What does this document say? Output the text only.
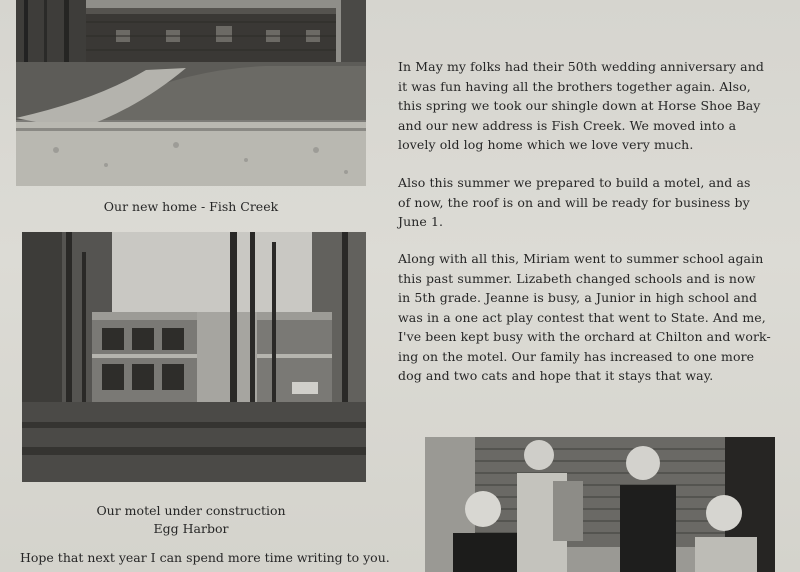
Our new home - Fish Creek
Our motel under construction
Egg Harbor
Hope that next year I can spend more time writing to you.

In May my folks had their 50th wedding anniversary and

it was fun having all the brothers together again. Also,

this spring we took our shingle down at Horse Shoe Bay

and our new address is Fish Creek. We moved into a

lovely old log home which we love very much.

Also this summer we prepared to build a motel, and as

of now, the roof is on and will be ready for business by

June 1.

Along with all this, Miriam went to summer school again

this past summer. Lizabeth changed schools and is now

in 5th grade. Jeanne is busy, a Junior in high school and

was in a one act play contest that went to State. And me,

I've been kept busy with the orchard at Chilton and work-

ing on the motel. Our family has increased to one more

dog and two cats and hope that it stays that way.
